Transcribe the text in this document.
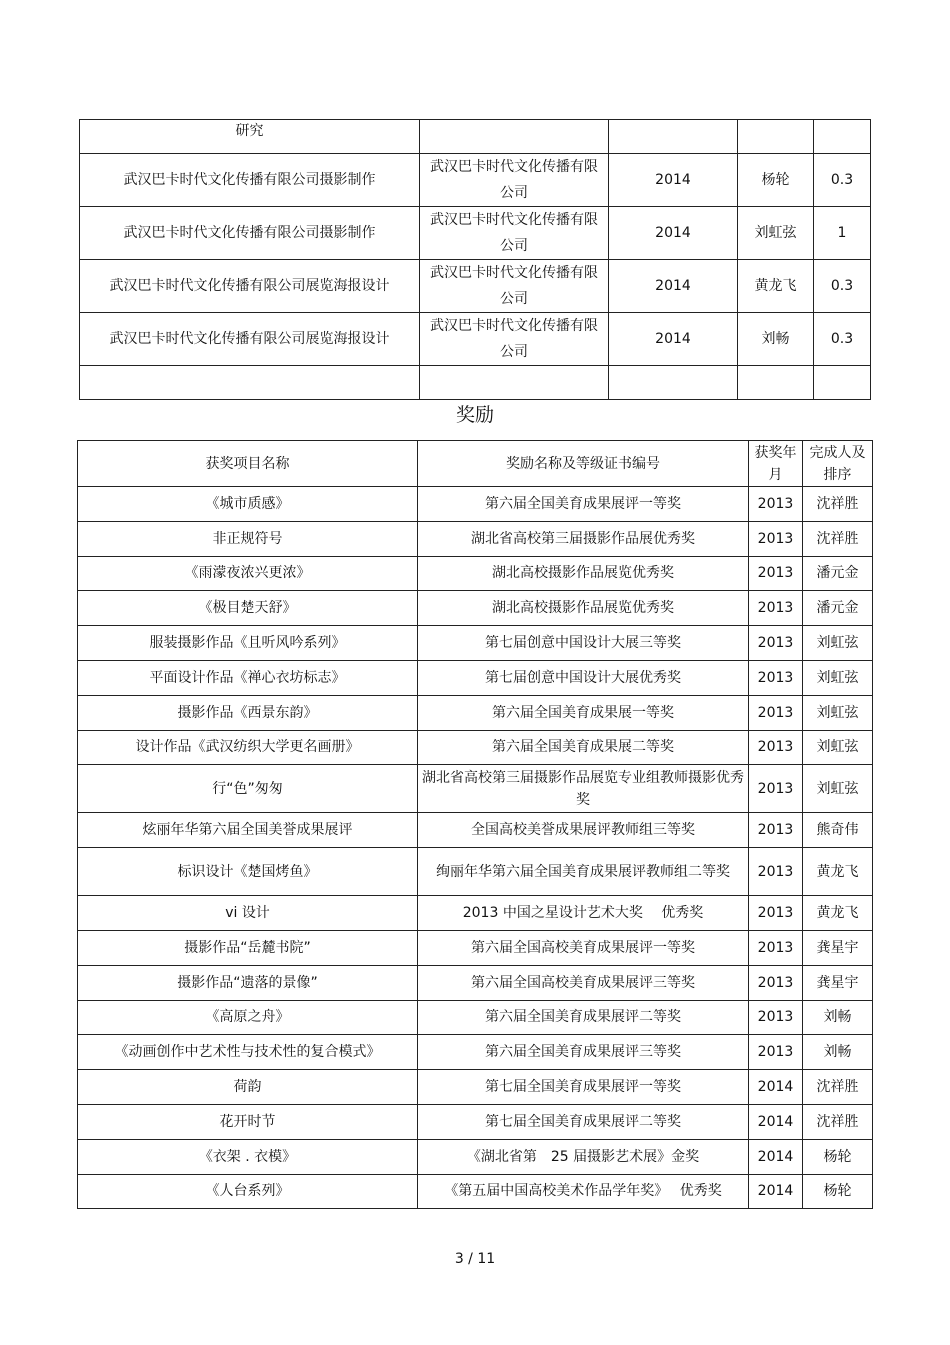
研究				
武汉巴卡时代文化传播有限公司摄影制作	武汉巴卡时代文化传播有限公司	2014	杨轮	0.3
武汉巴卡时代文化传播有限公司摄影制作	武汉巴卡时代文化传播有限公司	2014	刘虹弦	1
武汉巴卡时代文化传播有限公司展览海报设计	武汉巴卡时代文化传播有限公司	2014	黄龙飞	0.3
武汉巴卡时代文化传播有限公司展览海报设计	武汉巴卡时代文化传播有限公司	2014	刘畅	0.3

奖励
获奖项目名称	奖励名称及等级证书编号	获奖年月	完成人及排序
《城市质感》	第六届全国美育成果展评一等奖	2013	沈祥胜
非正规符号	湖北省高校第三届摄影作品展优秀奖	2013	沈祥胜
《雨濛夜浓兴更浓》	湖北高校摄影作品展览优秀奖	2013	潘元金
《极目楚天舒》	湖北高校摄影作品展览优秀奖	2013	潘元金
服装摄影作品《且听风吟系列》	第七届创意中国设计大展三等奖	2013	刘虹弦
平面设计作品《禅心衣坊标志》	第七届创意中国设计大展优秀奖	2013	刘虹弦
摄影作品《西景东韵》	第六届全国美育成果展一等奖	2013	刘虹弦
设计作品《武汉纺织大学更名画册》	第六届全国美育成果展二等奖	2013	刘虹弦
行“色”匆匆	湖北省高校第三届摄影作品展览专业组教师摄影优秀奖	2013	刘虹弦
炫丽年华第六届全国美誉成果展评	全国高校美誉成果展评教师组三等奖	2013	熊奇伟
标识设计《楚国烤鱼》	绚丽年华第六届全国美育成果展评教师组二等奖	2013	黄龙飞
vi 设计	2013 中国之星设计艺术大奖　 优秀奖	2013	黄龙飞
摄影作品“岳麓书院”	第六届全国高校美育成果展评一等奖	2013	龚星宇
摄影作品“遗落的景像”	第六届全国高校美育成果展评三等奖	2013	龚星宇
《高原之舟》	第六届全国美育成果展评二等奖	2013	刘畅
《动画创作中艺术性与技术性的复合模式》	第六届全国美育成果展评三等奖	2013	刘畅
荷韵	第七届全国美育成果展评一等奖	2014	沈祥胜
花开时节	第七届全国美育成果展评二等奖	2014	沈祥胜
《衣架 . 衣模》	《湖北省第　25 届摄影艺术展》金奖	2014	杨轮
《人台系列》	《第五届中国高校美术作品学年奖》　 优秀奖	2014	杨轮
3 / 11
